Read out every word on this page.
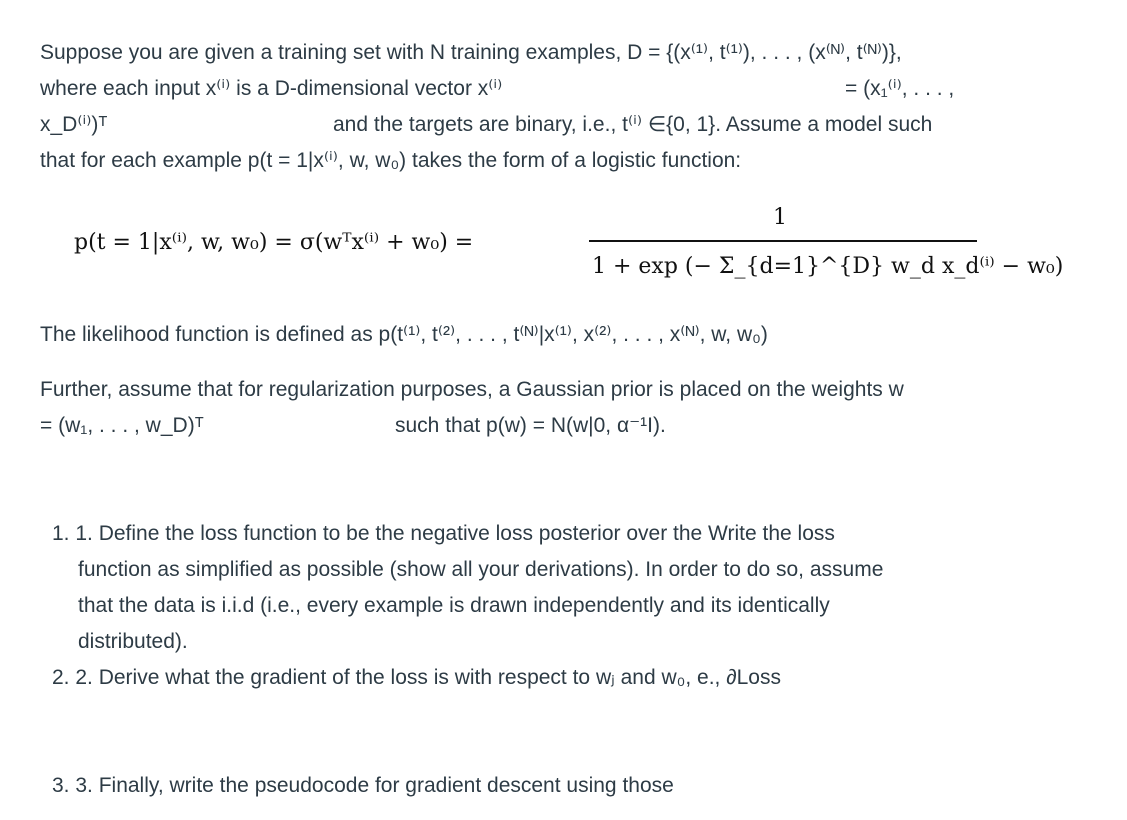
Suppose you are given a training set with N training examples, D = {(x⁽¹⁾, t⁽¹⁾), . . . , (x⁽ᴺ⁾, t⁽ᴺ⁾)},
where each input x⁽ⁱ⁾ is a D-dimensional vector x⁽ⁱ⁾	= (x₁⁽ⁱ⁾, . . . ,
x_D⁽ⁱ⁾)ᵀ	and the targets are binary, i.e., t⁽ⁱ⁾ ∈{0, 1}. Assume a model such
that for each example p(t = 1|x⁽ⁱ⁾, w, w₀) takes the form of a logistic function:
p(t = 1|x⁽ⁱ⁾, w, w₀) = σ(wᵀx⁽ⁱ⁾ + w₀) =
1
1 + exp (− Σ_{d=1}^{D} w_d x_d⁽ⁱ⁾ − w₀)
The likelihood function is defined as p(t⁽¹⁾, t⁽²⁾, . . . , t⁽ᴺ⁾|x⁽¹⁾, x⁽²⁾, . . . , x⁽ᴺ⁾, w, w₀)
Further, assume that for regularization purposes, a Gaussian prior is placed on the weights w
= (w₁, . . . , w_D)ᵀ	such that p(w) = N(w|0, α⁻¹I).
1. 1. Define the loss function to be the negative loss posterior over the Write the loss
function as simplified as possible (show all your derivations). In order to do so, assume
that the data is i.i.d (i.e., every example is drawn independently and its identically
distributed).
2. 2. Derive what the gradient of the loss is with respect to wⱼ and w₀, e., ∂Loss
3. 3. Finally, write the pseudocode for gradient descent using those
